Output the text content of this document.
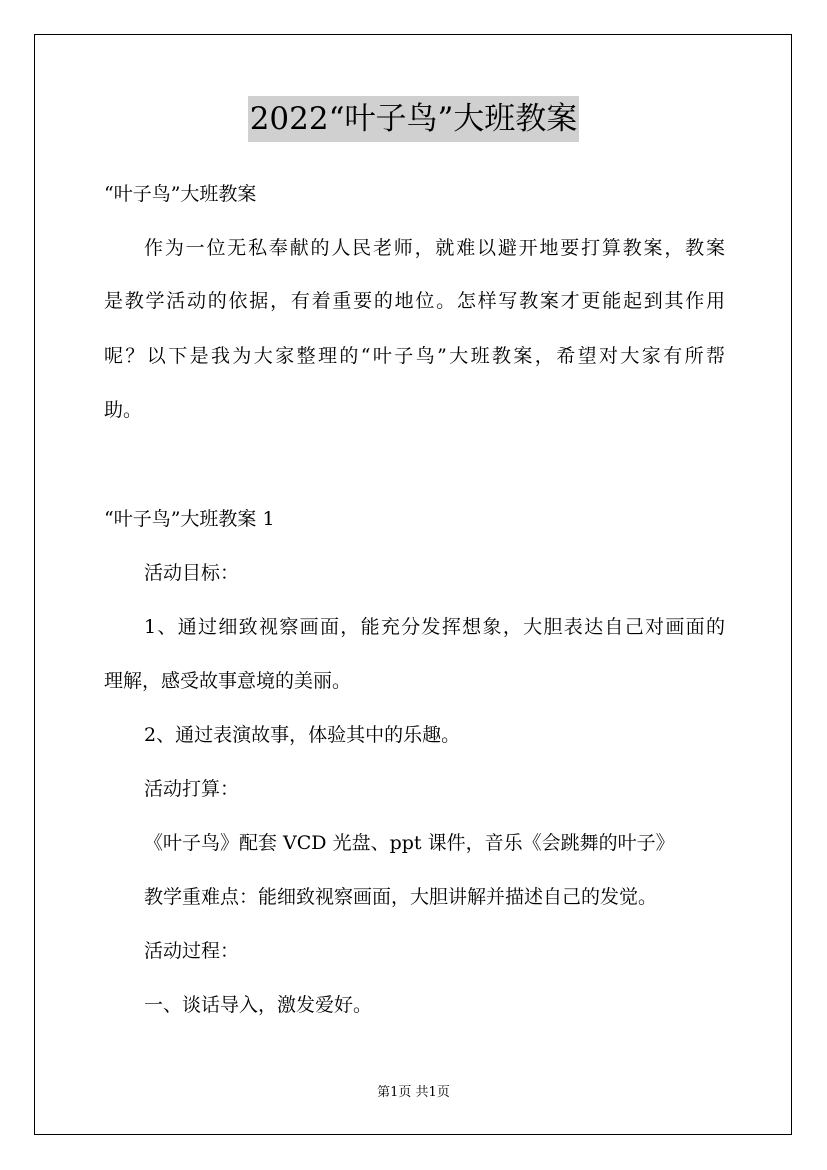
2022“叶子鸟”大班教案
“叶子鸟”大班教案
作为一位无私奉献的人民老师，就难以避开地要打算教案，教案
是教学活动的依据，有着重要的地位。怎样写教案才更能起到其作用
呢？以下是我为大家整理的“叶子鸟”大班教案，希望对大家有所帮
助。
“叶子鸟”大班教案 1
活动目标：
1、通过细致视察画面，能充分发挥想象，大胆表达自己对画面的
理解，感受故事意境的美丽。
2、通过表演故事，体验其中的乐趣。
活动打算：
《叶子鸟》配套 VCD 光盘、ppt 课件，音乐《会跳舞的叶子》
教学重难点：能细致视察画面，大胆讲解并描述自己的发觉。
活动过程：
一、谈话导入，激发爱好。
第1页 共1页
